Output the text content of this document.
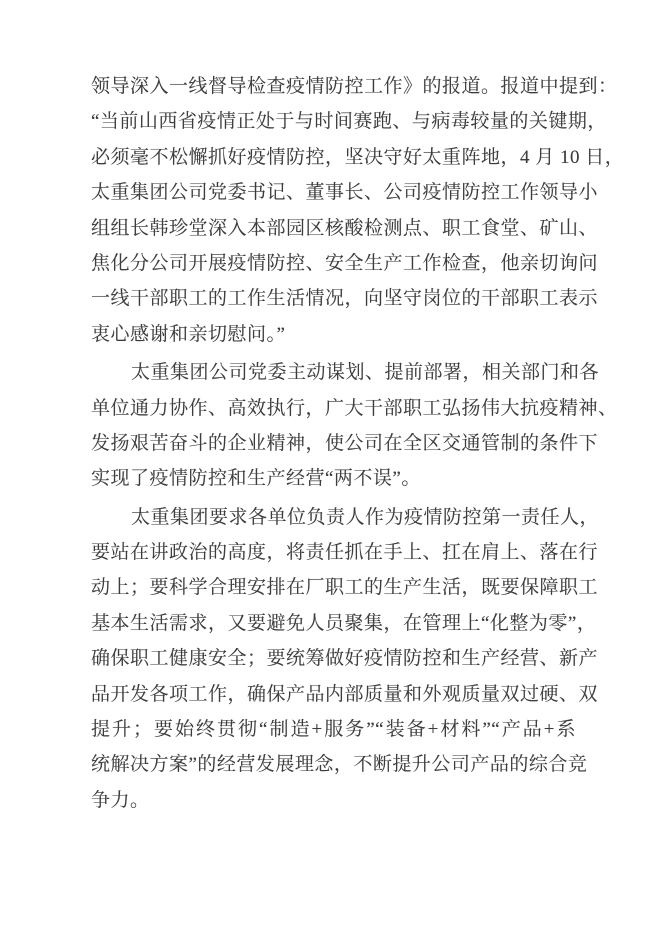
领导深入一线督导检查疫情防控工作》的报道。报道中提到：
“当前山西省疫情正处于与时间赛跑、与病毒较量的关键期，
必须毫不松懈抓好疫情防控，坚决守好太重阵地，4 月 10 日，
太重集团公司党委书记、董事长、公司疫情防控工作领导小
组组长韩珍堂深入本部园区核酸检测点、职工食堂、矿山、
焦化分公司开展疫情防控、安全生产工作检查，他亲切询问
一线干部职工的工作生活情况，向坚守岗位的干部职工表示
衷心感谢和亲切慰问。”
太重集团公司党委主动谋划、提前部署，相关部门和各
单位通力协作、高效执行，广大干部职工弘扬伟大抗疫精神、
发扬艰苦奋斗的企业精神，使公司在全区交通管制的条件下
实现了疫情防控和生产经营“两不误”。
太重集团要求各单位负责人作为疫情防控第一责任人，
要站在讲政治的高度，将责任抓在手上、扛在肩上、落在行
动上；要科学合理安排在厂职工的生产生活，既要保障职工
基本生活需求，又要避免人员聚集，在管理上“化整为零”，
确保职工健康安全；要统筹做好疫情防控和生产经营、新产
品开发各项工作，确保产品内部质量和外观质量双过硬、双
提升；要始终贯彻“制造+服务”“装备+材料”“产品+系
统解决方案”的经营发展理念，不断提升公司产品的综合竞
争力。
